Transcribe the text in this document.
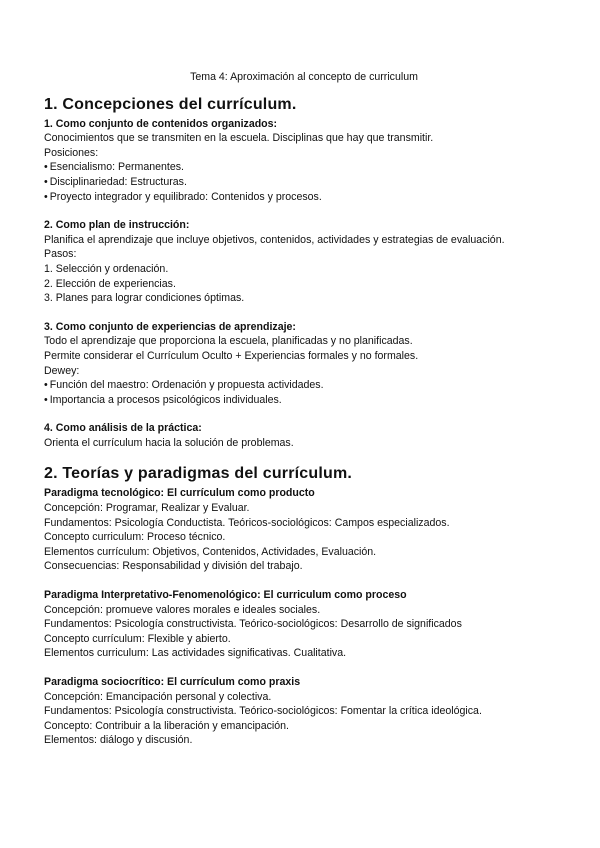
Tema 4: Aproximación al concepto de curriculum
1. Concepciones del currículum.
1. Como conjunto de contenidos organizados:
Conocimientos que se transmiten en la escuela. Disciplinas que hay que transmitir.
Posiciones:
• Esencialismo: Permanentes.
• Disciplinariedad: Estructuras.
• Proyecto integrador y equilibrado: Contenidos y procesos.
2. Como plan de instrucción:
Planifica el aprendizaje que incluye objetivos, contenidos, actividades y estrategias de evaluación.
Pasos:
1. Selección y ordenación.
2. Elección de experiencias.
3. Planes para lograr condiciones óptimas.
3. Como conjunto de experiencias de aprendizaje:
Todo el aprendizaje que proporciona la escuela, planificadas y no planificadas.
Permite considerar el Currículum Oculto + Experiencias formales y no formales.
Dewey:
• Función del maestro: Ordenación y propuesta actividades.
• Importancia a procesos psicológicos individuales.
4. Como análisis de la práctica:
Orienta el currículum hacia la solución de problemas.
2. Teorías y paradigmas del currículum.
Paradigma tecnológico: El currículum como producto
Concepción: Programar, Realizar y Evaluar.
Fundamentos: Psicología Conductista. Teóricos-sociológicos: Campos especializados.
Concepto curriculum: Proceso técnico.
Elementos currículum: Objetivos, Contenidos, Actividades, Evaluación.
Consecuencias: Responsabilidad y división del trabajo.
Paradigma Interpretativo-Fenomenológico: El curriculum como proceso
Concepción: promueve valores morales e ideales sociales.
Fundamentos: Psicología constructivista. Teórico-sociológicos: Desarrollo de significados
Concepto currículum: Flexible y abierto.
Elementos curriculum: Las actividades significativas. Cualitativa.
Paradigma sociocrítico: El currículum como praxis
Concepción: Emancipación personal y colectiva.
Fundamentos: Psicología constructivista. Teórico-sociológicos: Fomentar la crítica ideológica.
Concepto: Contribuir a la liberación y emancipación.
Elementos: diálogo y discusión.
